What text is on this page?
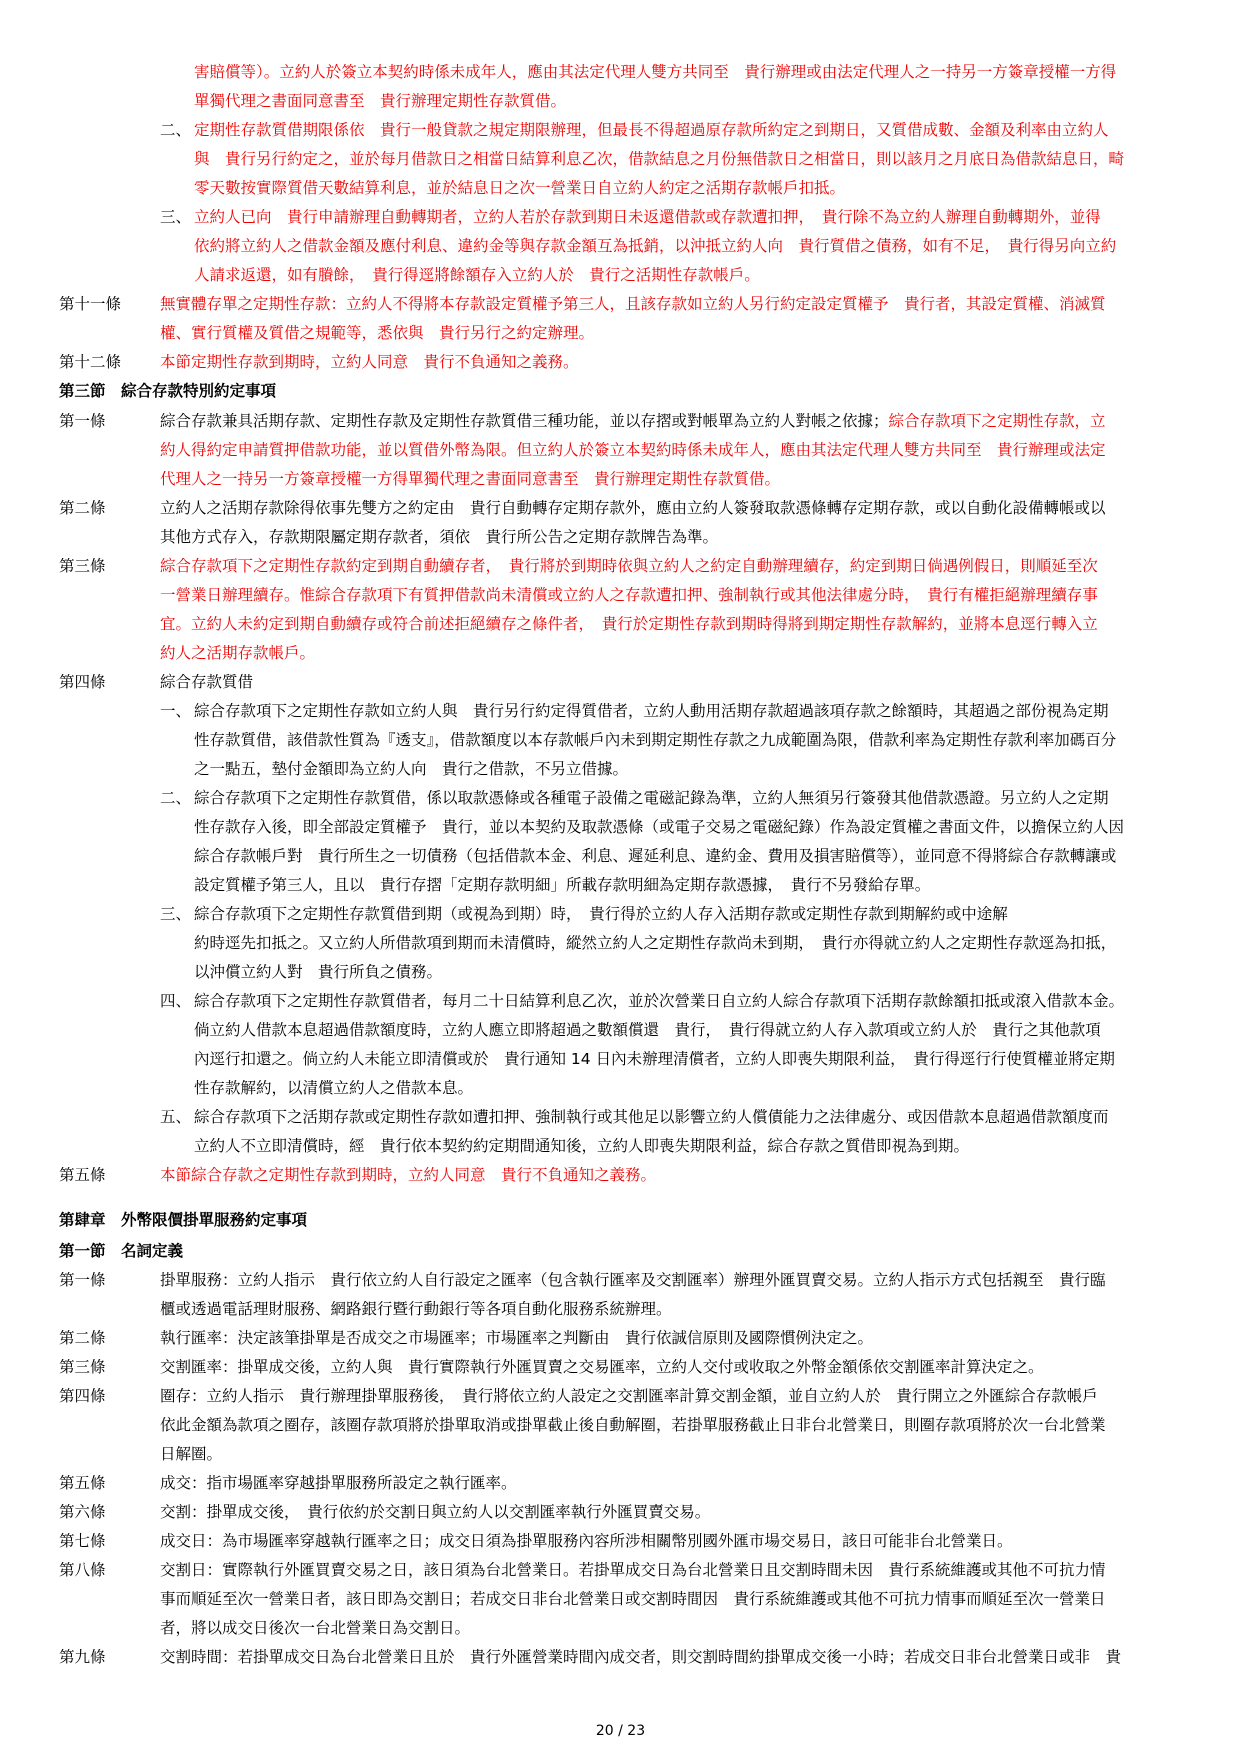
害賠償等）。立約人於簽立本契約時係未成年人，應由其法定代理人雙方共同至　貴行辦理或由法定代理人之一持另一方簽章授權一方得
單獨代理之書面同意書至　貴行辦理定期性存款質借。
二、 定期性存款質借期限係依　貴行一般貸款之規定期限辦理，但最長不得超過原存款所約定之到期日，又質借成數、金額及利率由立約人
與　貴行另行約定之，並於每月借款日之相當日結算利息乙次，借款結息之月份無借款日之相當日，則以該月之月底日為借款結息日，畸
零天數按實際質借天數結算利息，並於結息日之次一營業日自立約人約定之活期存款帳戶扣抵。
三、 立約人已向　貴行申請辦理自動轉期者，立約人若於存款到期日未返還借款或存款遭扣押，　貴行除不為立約人辦理自動轉期外，並得
依約將立約人之借款金額及應付利息、違約金等與存款金額互為抵銷，以沖抵立約人向　貴行質借之債務，如有不足，　貴行得另向立約
人請求返還，如有賸餘，　貴行得逕將餘額存入立約人於　貴行之活期性存款帳戶。
第十一條	無實體存單之定期性存款：立約人不得將本存款設定質權予第三人，且該存款如立約人另行約定設定質權予　貴行者，其設定質權、消滅質
權、實行質權及質借之規範等，悉依與　貴行另行之約定辦理。
第十二條	本節定期性存款到期時，立約人同意　貴行不負通知之義務。
第三節　綜合存款特別約定事項
第一條	綜合存款兼具活期存款、定期性存款及定期性存款質借三種功能，並以存摺或對帳單為立約人對帳之依據；綜合存款項下之定期性存款，立
約人得約定申請質押借款功能，並以質借外幣為限。但立約人於簽立本契約時係未成年人，應由其法定代理人雙方共同至　貴行辦理或法定
代理人之一持另一方簽章授權一方得單獨代理之書面同意書至　貴行辦理定期性存款質借。
第二條	立約人之活期存款除得依事先雙方之約定由　貴行自動轉存定期存款外，應由立約人簽發取款憑條轉存定期存款，或以自動化設備轉帳或以
其他方式存入，存款期限屬定期存款者，須依　貴行所公告之定期存款牌告為準。
第三條	綜合存款項下之定期性存款約定到期自動續存者，　貴行將於到期時依與立約人之約定自動辦理續存，約定到期日倘遇例假日，則順延至次
一營業日辦理續存。惟綜合存款項下有質押借款尚未清償或立約人之存款遭扣押、強制執行或其他法律處分時，　貴行有權拒絕辦理續存事
宜。立約人未約定到期自動續存或符合前述拒絕續存之條件者，　貴行於定期性存款到期時得將到期定期性存款解約，並將本息逕行轉入立
約人之活期存款帳戶。
第四條	綜合存款質借
一、 綜合存款項下之定期性存款如立約人與　貴行另行約定得質借者，立約人動用活期存款超過該項存款之餘額時，其超過之部份視為定期
性存款質借，該借款性質為『透支』，借款額度以本存款帳戶內未到期定期性存款之九成範圍為限，借款利率為定期性存款利率加碼百分
之一點五，墊付金額即為立約人向　貴行之借款，不另立借據。
二、 綜合存款項下之定期性存款質借，係以取款憑條或各種電子設備之電磁記錄為準，立約人無須另行簽發其他借款憑證。另立約人之定期
性存款存入後，即全部設定質權予　貴行，並以本契約及取款憑條（或電子交易之電磁紀錄）作為設定質權之書面文件，以擔保立約人因
綜合存款帳戶對　貴行所生之一切債務（包括借款本金、利息、遲延利息、違約金、費用及損害賠償等），並同意不得將綜合存款轉讓或
設定質權予第三人，且以　貴行存摺「定期存款明細」所載存款明細為定期存款憑據，　貴行不另發給存單。
三、 綜合存款項下之定期性存款質借到期（或視為到期）時，　貴行得於立約人存入活期存款或定期性存款到期解約或中途解
約時逕先扣抵之。又立約人所借款項到期而未清償時，縱然立約人之定期性存款尚未到期，　貴行亦得就立約人之定期性存款逕為扣抵，
以沖償立約人對　貴行所負之債務。
四、 綜合存款項下之定期性存款質借者，每月二十日結算利息乙次，並於次營業日自立約人綜合存款項下活期存款餘額扣抵或滾入借款本金。
倘立約人借款本息超過借款額度時，立約人應立即將超過之數額償還　貴行，　貴行得就立約人存入款項或立約人於　貴行之其他款項
內逕行扣還之。倘立約人未能立即清償或於　貴行通知 14 日內未辦理清償者，立約人即喪失期限利益，　貴行得逕行行使質權並將定期
性存款解約，以清償立約人之借款本息。
五、 綜合存款項下之活期存款或定期性存款如遭扣押、強制執行或其他足以影響立約人償債能力之法律處分、或因借款本息超過借款額度而
立約人不立即清償時，經　貴行依本契約約定期間通知後，立約人即喪失期限利益，綜合存款之質借即視為到期。
第五條	本節綜合存款之定期性存款到期時，立約人同意　貴行不負通知之義務。
第肆章　外幣限價掛單服務約定事項
第一節　名詞定義
第一條	掛單服務：立約人指示　貴行依立約人自行設定之匯率（包含執行匯率及交割匯率）辦理外匯買賣交易。立約人指示方式包括親至　貴行臨
櫃或透過電話理財服務、網路銀行暨行動銀行等各項自動化服務系統辦理。
第二條	執行匯率：決定該筆掛單是否成交之市場匯率；市場匯率之判斷由　貴行依誠信原則及國際慣例決定之。
第三條	交割匯率：掛單成交後，立約人與　貴行實際執行外匯買賣之交易匯率，立約人交付或收取之外幣金額係依交割匯率計算決定之。
第四條	圈存：立約人指示　貴行辦理掛單服務後，　貴行將依立約人設定之交割匯率計算交割金額，並自立約人於　貴行開立之外匯綜合存款帳戶
依此金額為款項之圈存，該圈存款項將於掛單取消或掛單截止後自動解圈，若掛單服務截止日非台北營業日，則圈存款項將於次一台北營業
日解圈。
第五條	成交：指市場匯率穿越掛單服務所設定之執行匯率。
第六條	交割：掛單成交後，　貴行依約於交割日與立約人以交割匯率執行外匯買賣交易。
第七條	成交日：為市場匯率穿越執行匯率之日；成交日須為掛單服務內容所涉相關幣別國外匯市場交易日，該日可能非台北營業日。
第八條	交割日：實際執行外匯買賣交易之日，該日須為台北營業日。若掛單成交日為台北營業日且交割時間未因　貴行系統維護或其他不可抗力情
事而順延至次一營業日者，該日即為交割日；若成交日非台北營業日或交割時間因　貴行系統維護或其他不可抗力情事而順延至次一營業日
者，將以成交日後次一台北營業日為交割日。
第九條	交割時間：若掛單成交日為台北營業日且於　貴行外匯營業時間內成交者，則交割時間約掛單成交後一小時；若成交日非台北營業日或非　貴
20 / 23
